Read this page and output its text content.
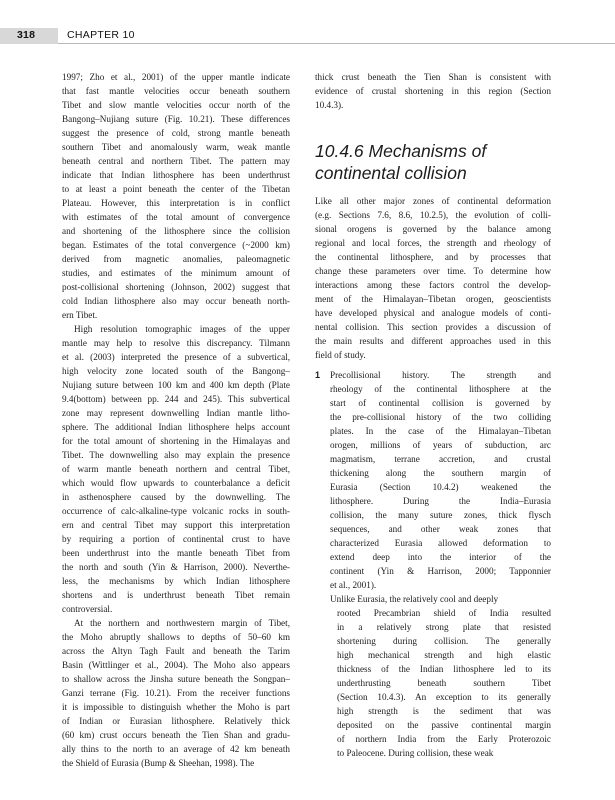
318	CHAPTER 10

1997; Zho et al., 2001) of the upper mantle indicate

that fast mantle velocities occur beneath southern

Tibet and slow mantle velocities occur north of the

Bangong–Nujiang suture (Fig. 10.21). These differences

suggest the presence of cold, strong mantle beneath

southern Tibet and anomalously warm, weak mantle

beneath central and northern Tibet. The pattern may

indicate that Indian lithosphere has been underthrust

to at least a point beneath the center of the Tibetan

Plateau. However, this interpretation is in conflict

with estimates of the total amount of convergence

and shortening of the lithosphere since the collision

began. Estimates of the total convergence (~2000 km)

derived from magnetic anomalies, paleomagnetic

studies, and estimates of the minimum amount of

post-collisional shortening (Johnson, 2002) suggest that

cold Indian lithosphere also may occur beneath north-

ern Tibet.

High resolution tomographic images of the upper

mantle may help to resolve this discrepancy. Tilmann

et al. (2003) interpreted the presence of a subvertical,

high velocity zone located south of the Bangong–

Nujiang suture between 100 km and 400 km depth (Plate

9.4(bottom) between pp. 244 and 245). This subvertical

zone may represent downwelling Indian mantle litho-

sphere. The additional Indian lithosphere helps account

for the total amount of shortening in the Himalayas and

Tibet. The downwelling also may explain the presence

of warm mantle beneath northern and central Tibet,

which would flow upwards to counterbalance a deficit

in asthenosphere caused by the downwelling. The

occurrence of calc-alkaline-type volcanic rocks in south-

ern and central Tibet may support this interpretation

by requiring a portion of continental crust to have

been underthrust into the mantle beneath Tibet from

the north and south (Yin & Harrison, 2000). Neverthe-

less, the mechanisms by which Indian lithosphere

shortens and is underthrust beneath Tibet remain

controversial.

At the northern and northwestern margin of Tibet,

the Moho abruptly shallows to depths of 50–60 km

across the Altyn Tagh Fault and beneath the Tarim

Basin (Wittlinger et al., 2004). The Moho also appears

to shallow across the Jinsha suture beneath the Songpan–

Ganzi terrane (Fig. 10.21). From the receiver functions

it is impossible to distinguish whether the Moho is part

of Indian or Eurasian lithosphere. Relatively thick

(60 km) crust occurs beneath the Tien Shan and gradu-

ally thins to the north to an average of 42 km beneath

the Shield of Eurasia (Bump & Sheehan, 1998). The

thick crust beneath the Tien Shan is consistent with

evidence of crustal shortening in this region (Section

10.4.3).

10.4.6 Mechanisms of

continental collision

Like all other major zones of continental deformation

(e.g. Sections 7.6, 8.6, 10.2.5), the evolution of colli-

sional orogens is governed by the balance among

regional and local forces, the strength and rheology of

the continental lithosphere, and by processes that

change these parameters over time. To determine how

interactions among these factors control the develop-

ment of the Himalayan–Tibetan orogen, geoscientists

have developed physical and analogue models of conti-

nental collision. This section provides a discussion of

the main results and different approaches used in this

field of study.

1 Precollisional history. The strength and

rheology of the continental lithosphere at the

start of continental collision is governed by

the pre-collisional history of the two colliding

plates. In the case of the Himalayan–Tibetan

orogen, millions of years of subduction, arc

magmatism, terrane accretion, and crustal

thickening along the southern margin of

Eurasia (Section 10.4.2) weakened the

lithosphere. During the India–Eurasia

collision, the many suture zones, thick flysch

sequences, and other weak zones that

characterized Eurasia allowed deformation to

extend deep into the interior of the

continent (Yin & Harrison, 2000; Tapponnier

et al., 2001).

Unlike Eurasia, the relatively cool and deeply

rooted Precambrian shield of India resulted

in a relatively strong plate that resisted

shortening during collision. The generally

high mechanical strength and high elastic

thickness of the Indian lithosphere led to its

underthrusting beneath southern Tibet

(Section 10.4.3). An exception to its generally

high strength is the sediment that was

deposited on the passive continental margin

of northern India from the Early Proterozoic

to Paleocene. During collision, these weak
